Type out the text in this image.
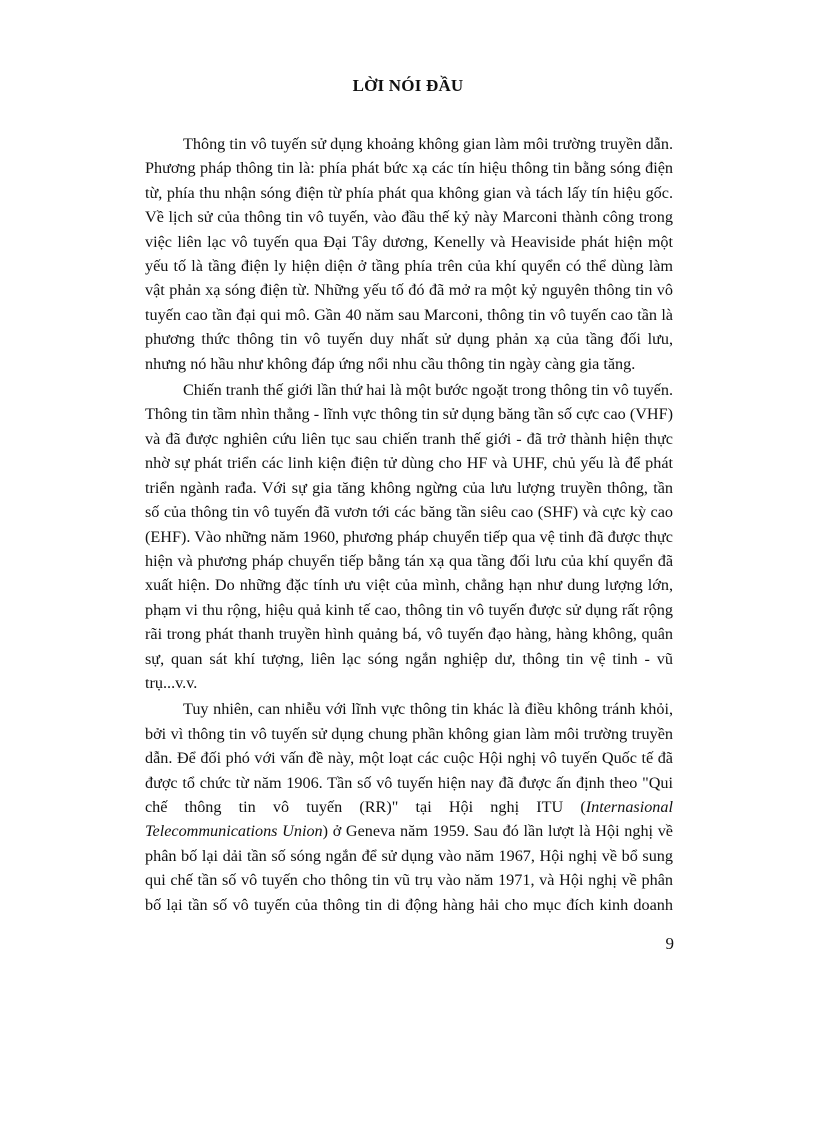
LỜI NÓI ĐẦU

Thông tin vô tuyến sử dụng khoảng không gian làm môi trường truyền dẫn. Phương pháp thông tin là: phía phát bức xạ các tín hiệu thông tin bằng sóng điện từ, phía thu nhận sóng điện từ phía phát qua không gian và tách lấy tín hiệu gốc. Về lịch sử của thông tin vô tuyến, vào đầu thế kỷ này Marconi thành công trong việc liên lạc vô tuyến qua Đại Tây dương, Kenelly và Heaviside phát hiện một yếu tố là tầng điện ly hiện diện ở tầng phía trên của khí quyển có thể dùng làm vật phản xạ sóng điện từ. Những yếu tố đó đã mở ra một kỷ nguyên thông tin vô tuyến cao tần đại qui mô. Gần 40 năm sau Marconi, thông tin vô tuyến cao tần là phương thức thông tin vô tuyến duy nhất sử dụng phản xạ của tầng đối lưu, nhưng nó hầu như không đáp ứng nổi nhu cầu thông tin ngày càng gia tăng.

Chiến tranh thế giới lần thứ hai là một bước ngoặt trong thông tin vô tuyến. Thông tin tầm nhìn thẳng - lĩnh vực thông tin sử dụng băng tần số cực cao (VHF) và đã được nghiên cứu liên tục sau chiến tranh thế giới - đã trở thành hiện thực nhờ sự phát triển các linh kiện điện tử dùng cho HF và UHF, chủ yếu là để phát triển ngành rađa. Với sự gia tăng không ngừng của lưu lượng truyền thông, tần số của thông tin vô tuyến đã vươn tới các băng tần siêu cao (SHF) và cực kỳ cao (EHF). Vào những năm 1960, phương pháp chuyển tiếp qua vệ tinh đã được thực hiện và phương pháp chuyển tiếp bằng tán xạ qua tầng đối lưu của khí quyển đã xuất hiện. Do những đặc tính ưu việt của mình, chẳng hạn như dung lượng lớn, phạm vi thu rộng, hiệu quả kinh tế cao, thông tin vô tuyến được sử dụng rất rộng rãi trong phát thanh truyền hình quảng bá, vô tuyến đạo hàng, hàng không, quân sự, quan sát khí tượng, liên lạc sóng ngắn nghiệp dư, thông tin vệ tinh - vũ trụ...v.v.

Tuy nhiên, can nhiễu với lĩnh vực thông tin khác là điều không tránh khỏi, bởi vì thông tin vô tuyến sử dụng chung phần không gian làm môi trường truyền dẫn. Để đối phó với vấn đề này, một loạt các cuộc Hội nghị vô tuyến Quốc tế đã được tổ chức từ năm 1906. Tần số vô tuyến hiện nay đã được ấn định theo "Qui chế thông tin vô tuyến (RR)" tại Hội nghị ITU (Internasional Telecommunications Union) ở Geneva năm 1959. Sau đó lần lượt là Hội nghị về phân bố lại dải tần số sóng ngắn để sử dụng vào năm 1967, Hội nghị về bổ sung qui chế tần số vô tuyến cho thông tin vũ trụ vào năm 1971, và Hội nghị về phân bố lại tần số vô tuyến của thông tin di động hàng hải cho mục đích kinh doanh

9
